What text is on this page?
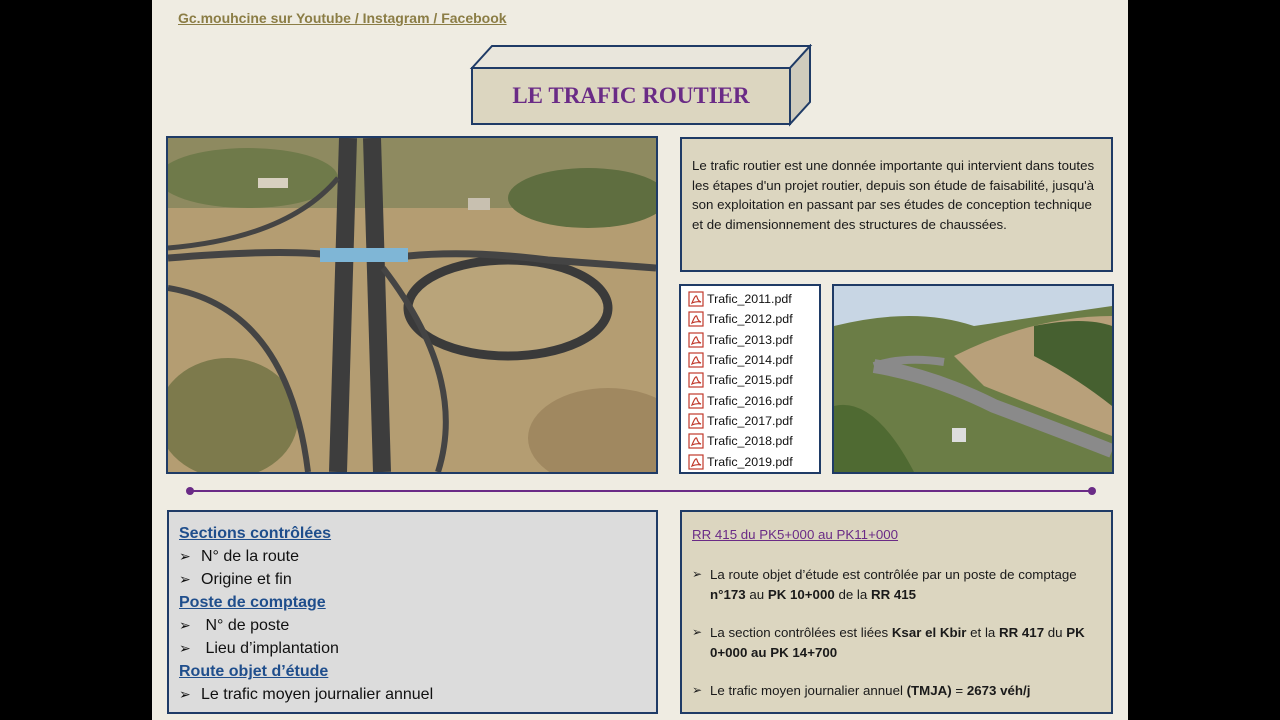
Gc.mouhcine sur Youtube / Instagram / Facebook
LE TRAFIC ROUTIER
Le trafic routier est une donnée importante qui intervient dans toutes les étapes d'un projet routier, depuis son étude de faisabilité, jusqu'à son exploitation en passant par ses études de conception technique et de dimensionnement des structures de chaussées.
Trafic_2011.pdf
Trafic_2012.pdf
Trafic_2013.pdf
Trafic_2014.pdf
Trafic_2015.pdf
Trafic_2016.pdf
Trafic_2017.pdf
Trafic_2018.pdf
Trafic_2019.pdf
Sections contrôlées
➢ N° de la route
➢ Origine et fin
Poste de comptage
➢
N° de poste
➢
Lieu d’implantation
Route objet d’étude
➢ Le trafic moyen journalier annuel
RR 415 du PK5+000 au PK11+000
➢ La route objet d’étude est contrôlée par un poste de comptage n°173 au PK 10+000 de la RR 415
➢ La section contrôlées est liées Ksar el Kbir et la RR 417 du PK 0+000 au PK 14+700
➢ Le trafic moyen journalier annuel (TMJA) = 2673 véh/j
